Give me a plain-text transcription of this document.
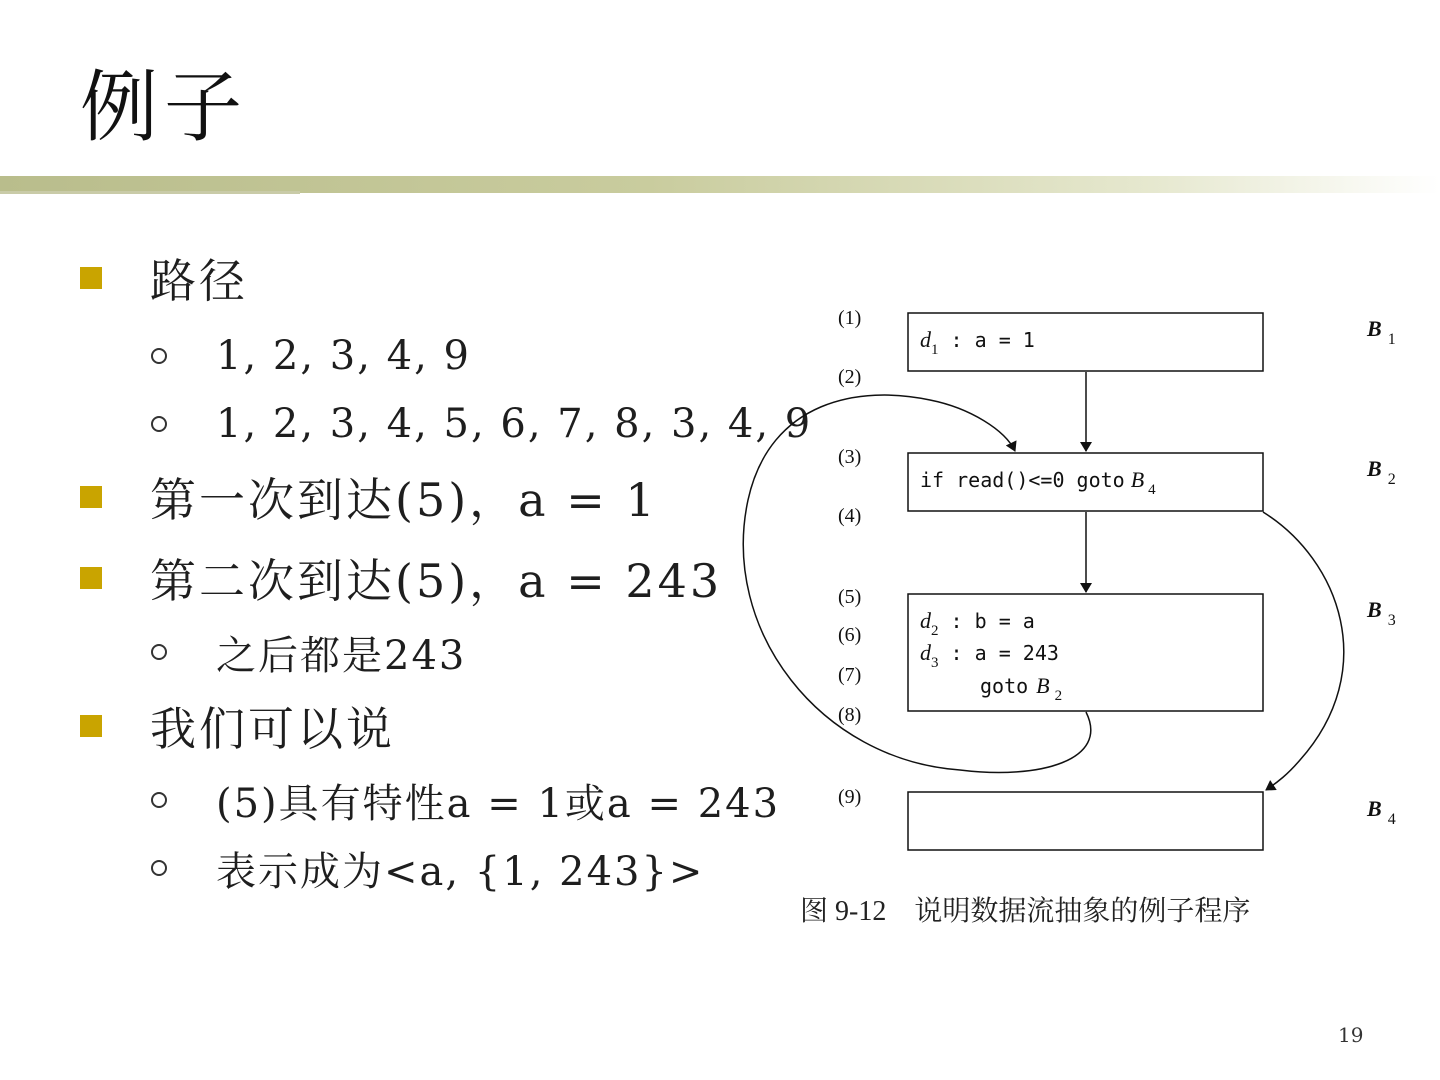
例子
路径
1, 2, 3, 4, 9
1, 2, 3, 4, 5, 6, 7, 8, 3, 4, 9
第一次到达(5)，a = 1
第二次到达(5)，a = 243
之后都是243
我们可以说
(5)具有特性a = 1或a = 243
表示成为<a, {1, 243}>
(1)
(2)
(3)
(4)
(5)
(6)
(7)
(8)
(9)
$d_1$ : a = 1
if read()<=0 goto B $_4$
$d_2$ : b = a
$d_3$ : a = 243
goto B $_2$
B 1
B 2
B 3
B 4
图 9-12　说明数据流抽象的例子程序
19
